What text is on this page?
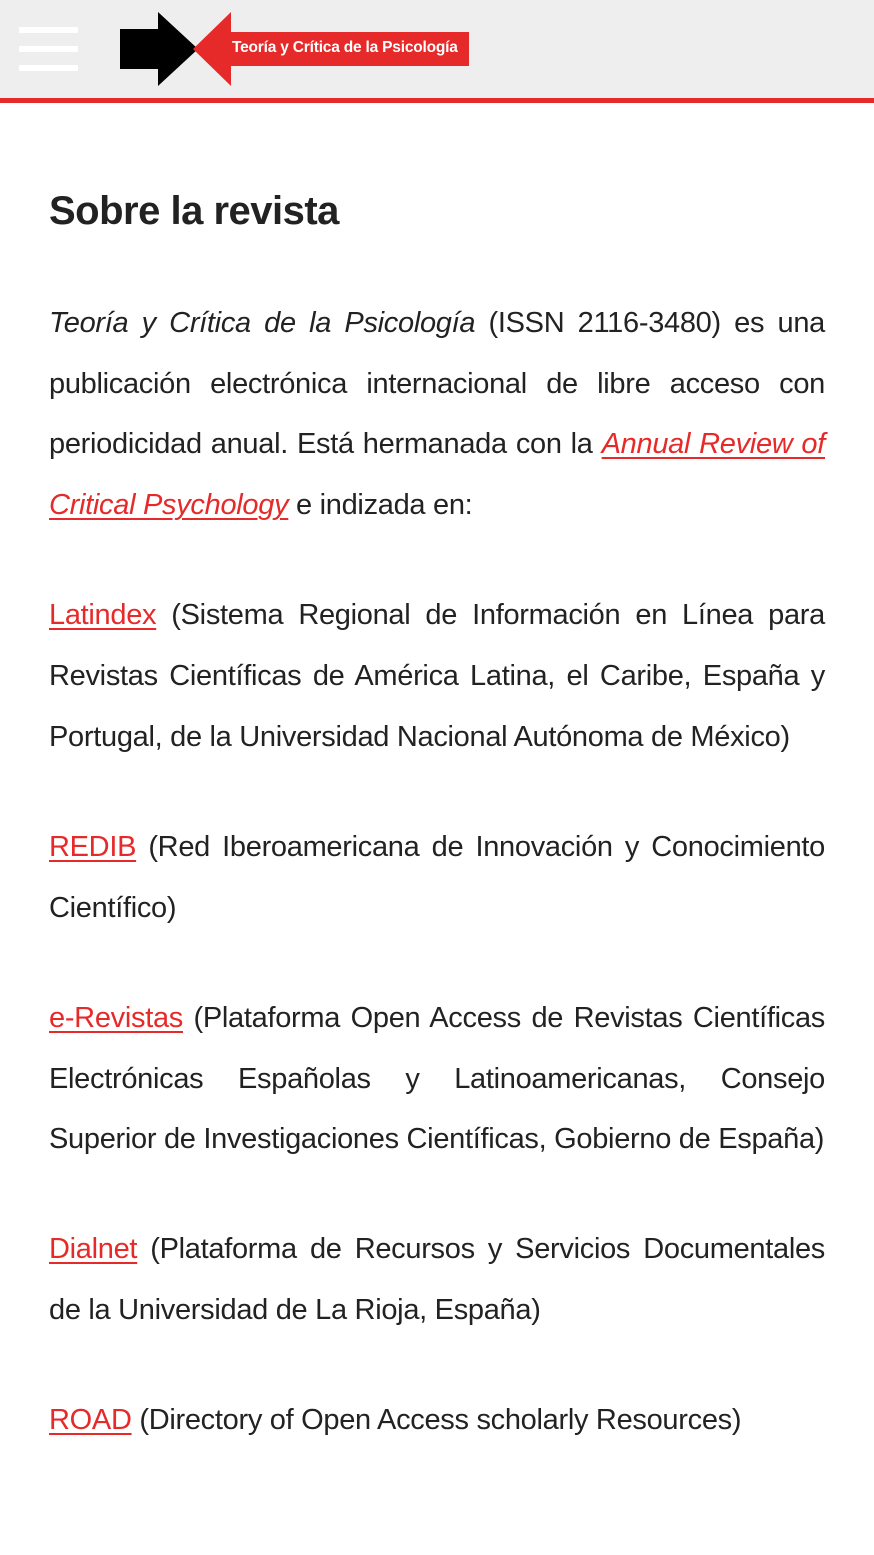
Teoría y Crítica de la Psicología
Sobre la revista

Teoría y Crítica de la Psicología (ISSN 2116-3480) es una publicación electrónica internacional de libre acceso con periodicidad anual. Está hermanada con la Annual Review of Critical Psychology e indizada en:

Latindex (Sistema Regional de Información en Línea para Revistas Científicas de América Latina, el Caribe, España y Portugal, de la Universidad Nacional Autónoma de México)

REDIB (Red Iberoamericana de Innovación y Conocimiento Científico)

e-Revistas (Plataforma Open Access de Revistas Científicas Electrónicas Españolas y Latinoamericanas, Consejo Superior de Investigaciones Científicas, Gobierno de España)

Dialnet (Plataforma de Recursos y Servicios Documentales de la Universidad de La Rioja, España)

ROAD (Directory of Open Access scholarly Resources)
